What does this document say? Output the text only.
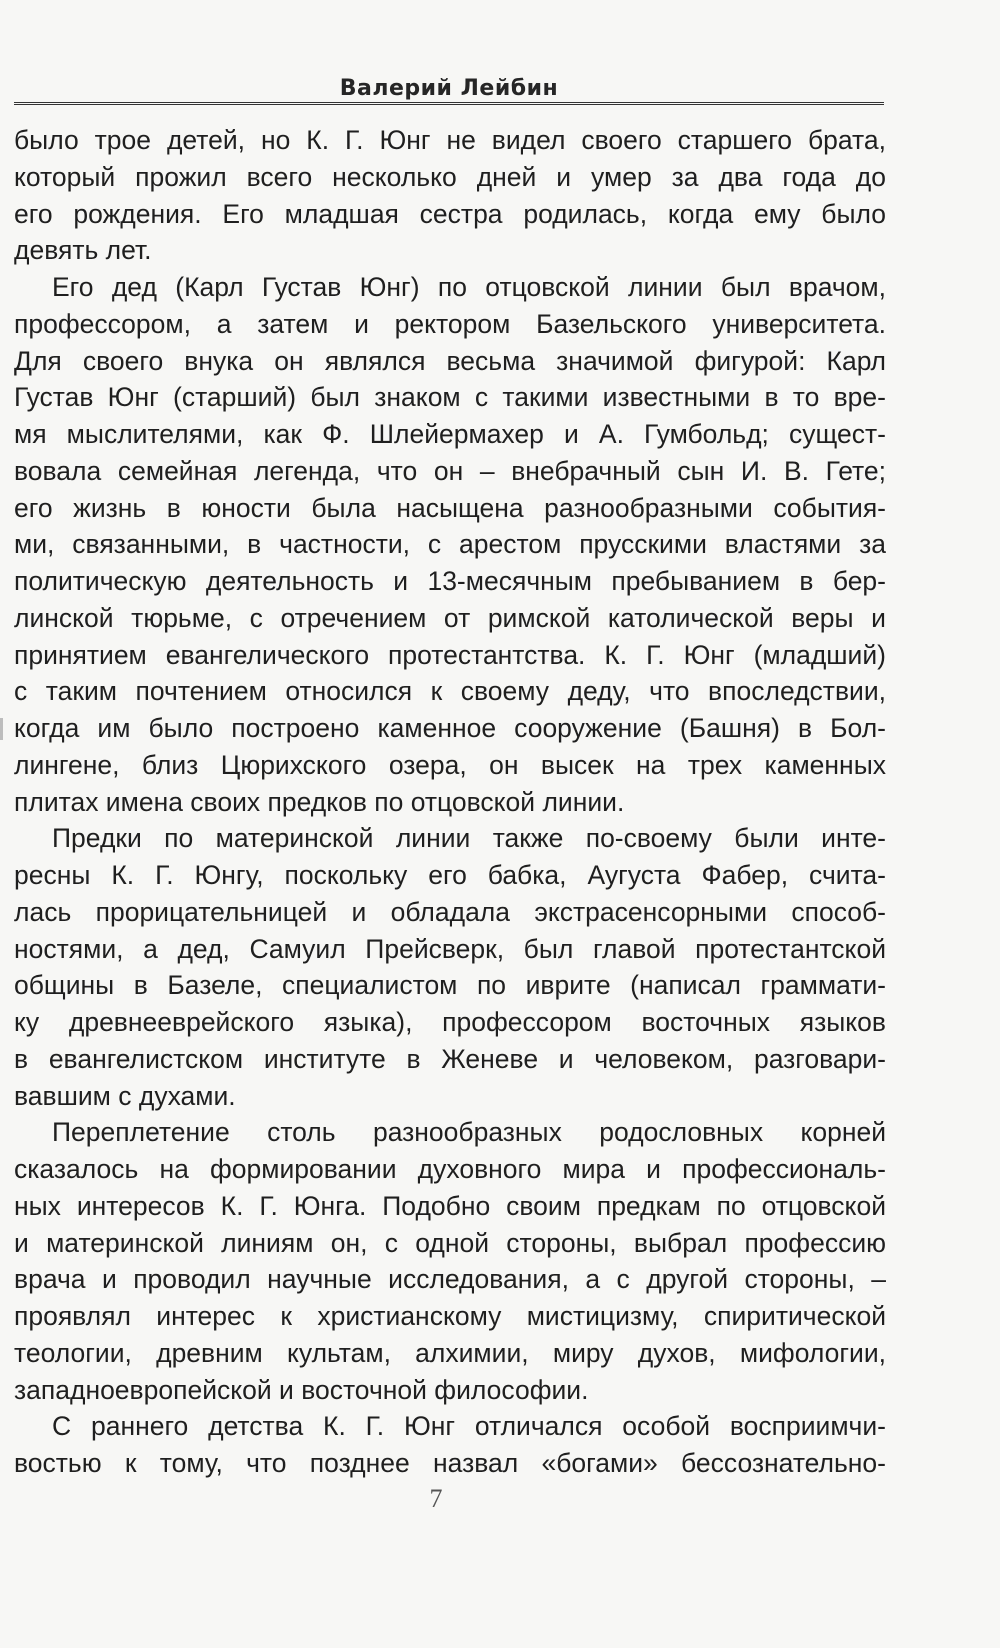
Валерий Лейбин
было трое детей, но К. Г. Юнг не видел своего старшего брата,
который прожил всего несколько дней и умер за два года до
его рождения. Его младшая сестра родилась, когда ему было
девять лет.
Его дед (Карл Густав Юнг) по отцовской линии был врачом,
профессором, а затем и ректором Базельского университета.
Для своего внука он являлся весьма значимой фигурой: Карл
Густав Юнг (старший) был знаком с такими известными в то вре-
мя мыслителями, как Ф. Шлейермахер и А. Гумбольд; сущест-
вовала семейная легенда, что он – внебрачный сын И. В. Гете;
его жизнь в юности была насыщена разнообразными события-
ми, связанными, в частности, с арестом прусскими властями за
политическую деятельность и 13-месячным пребыванием в бер-
линской тюрьме, с отречением от римской католической веры и
принятием евангелического протестантства. К. Г. Юнг (младший)
с таким почтением относился к своему деду, что впоследствии,
когда им было построено каменное сооружение (Башня) в Бол-
лингене, близ Цюрихского озера, он высек на трех каменных
плитах имена своих предков по отцовской линии.
Предки по материнской линии также по-своему были инте-
ресны К. Г. Юнгу, поскольку его бабка, Аугуста Фабер, счита-
лась прорицательницей и обладала экстрасенсорными способ-
ностями, а дед, Самуил Прейсверк, был главой протестантской
общины в Базеле, специалистом по иврите (написал граммати-
ку древнееврейского языка), профессором восточных языков
в евангелистском институте в Женеве и человеком, разговари-
вавшим с духами.
Переплетение столь разнообразных родословных корней
сказалось на формировании духовного мира и профессиональ-
ных интересов К. Г. Юнга. Подобно своим предкам по отцовской
и материнской линиям он, с одной стороны, выбрал профессию
врача и проводил научные исследования, а с другой стороны, –
проявлял интерес к христианскому мистицизму, спиритической
теологии, древним культам, алхимии, миру духов, мифологии,
западноевропейской и восточной философии.
С раннего детства К. Г. Юнг отличался особой восприимчи-
востью к тому, что позднее назвал «богами» бессознательно-
7
